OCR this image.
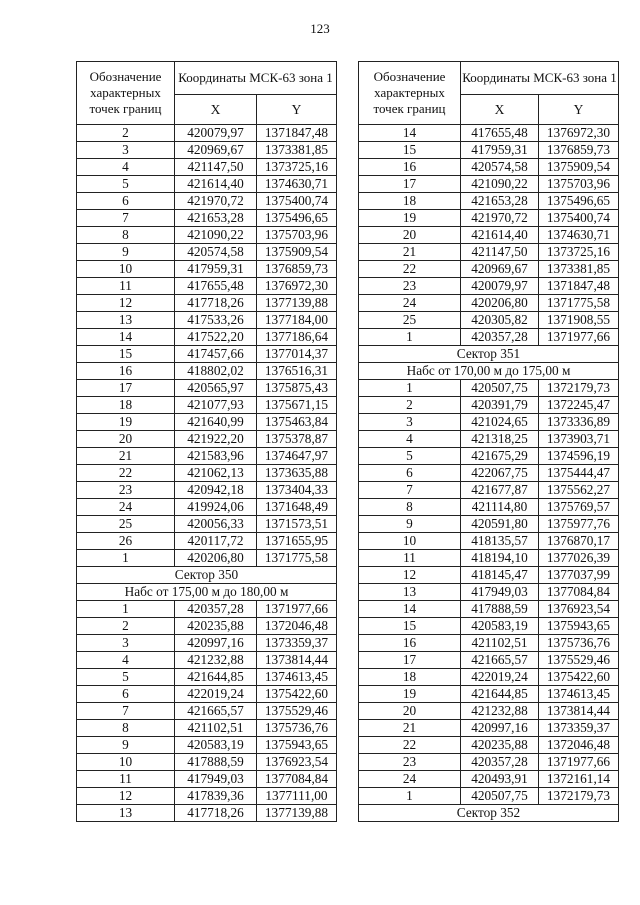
123
Обозначение характерных точек границ	Координаты МСК-63 зона 1	
	X	Y
2	420079,97	1371847,48
3	420969,67	1373381,85
4	421147,50	1373725,16
5	421614,40	1374630,71
6	421970,72	1375400,74
7	421653,28	1375496,65
8	421090,22	1375703,96
9	420574,58	1375909,54
10	417959,31	1376859,73
11	417655,48	1376972,30
12	417718,26	1377139,88
13	417533,26	1377184,00
14	417522,20	1377186,64
15	417457,66	1377014,37
16	418802,02	1376516,31
17	420565,97	1375875,43
18	421077,93	1375671,15
19	421640,99	1375463,84
20	421922,20	1375378,87
21	421583,96	1374647,97
22	421062,13	1373635,88
23	420942,18	1373404,33
24	419924,06	1371648,49
25	420056,33	1371573,51
26	420117,72	1371655,95
1	420206,80	1371775,58
Сектор 350		
Набс от 175,00 м до 180,00 м		
1	420357,28	1371977,66
2	420235,88	1372046,48
3	420997,16	1373359,37
4	421232,88	1373814,44
5	421644,85	1374613,45
6	422019,24	1375422,60
7	421665,57	1375529,46
8	421102,51	1375736,76
9	420583,19	1375943,65
10	417888,59	1376923,54
11	417949,03	1377084,84
12	417839,36	1377111,00
13	417718,26	1377139,88
Обозначение характерных точек границ	Координаты МСК-63 зона 1	
	X	Y
14	417655,48	1376972,30
15	417959,31	1376859,73
16	420574,58	1375909,54
17	421090,22	1375703,96
18	421653,28	1375496,65
19	421970,72	1375400,74
20	421614,40	1374630,71
21	421147,50	1373725,16
22	420969,67	1373381,85
23	420079,97	1371847,48
24	420206,80	1371775,58
25	420305,82	1371908,55
1	420357,28	1371977,66
Сектор 351		
Набс от 170,00 м до 175,00 м		
1	420507,75	1372179,73
2	420391,79	1372245,47
3	421024,65	1373336,89
4	421318,25	1373903,71
5	421675,29	1374596,19
6	422067,75	1375444,47
7	421677,87	1375562,27
8	421114,80	1375769,57
9	420591,80	1375977,76
10	418135,57	1376870,17
11	418194,10	1377026,39
12	418145,47	1377037,99
13	417949,03	1377084,84
14	417888,59	1376923,54
15	420583,19	1375943,65
16	421102,51	1375736,76
17	421665,57	1375529,46
18	422019,24	1375422,60
19	421644,85	1374613,45
20	421232,88	1373814,44
21	420997,16	1373359,37
22	420235,88	1372046,48
23	420357,28	1371977,66
24	420493,91	1372161,14
1	420507,75	1372179,73
Сектор 352		
